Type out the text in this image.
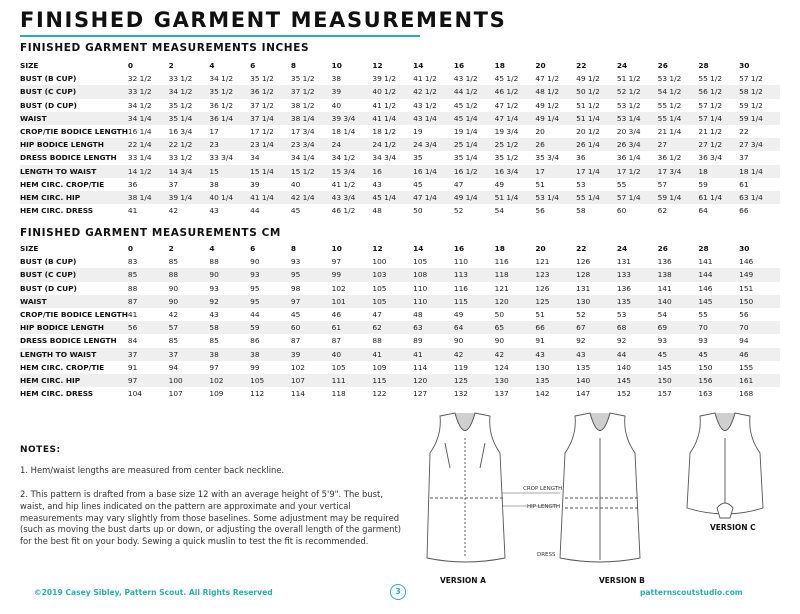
FINISHED GARMENT MEASUREMENTS
FINISHED GARMENT MEASUREMENTS INCHES
SIZE	0	2	4	6	8	10	12	14	16	18	20	22	24	26	28	30
BUST (B CUP)	32 1/2	33 1/2	34 1/2	35 1/2	35 1/2	38	39 1/2	41 1/2	43 1/2	45 1/2	47 1/2	49 1/2	51 1/2	53 1/2	55 1/2	57 1/2
BUST (C CUP)	33 1/2	34 1/2	35 1/2	36 1/2	37 1/2	39	40 1/2	42 1/2	44 1/2	46 1/2	48 1/2	50 1/2	52 1/2	54 1/2	56 1/2	58 1/2
BUST (D CUP)	34 1/2	35 1/2	36 1/2	37 1/2	38 1/2	40	41 1/2	43 1/2	45 1/2	47 1/2	49 1/2	51 1/2	53 1/2	55 1/2	57 1/2	59 1/2
WAIST	34 1/4	35 1/4	36 1/4	37 1/4	38 1/4	39 3/4	41 1/4	43 1/4	45 1/4	47 1/4	49 1/4	51 1/4	53 1/4	55 1/4	57 1/4	59 1/4
CROP/TIE BODICE LENGTH	16 1/4	16 3/4	17	17 1/2	17 3/4	18 1/4	18 1/2	19	19 1/4	19 3/4	20	20 1/2	20 3/4	21 1/4	21 1/2	22
HIP BODICE LENGTH	22 1/4	22 1/2	23	23 1/4	23 3/4	24	24 1/2	24 3/4	25 1/4	25 1/2	26	26 1/4	26 3/4	27	27 1/2	27 3/4
DRESS BODICE LENGTH	33 1/4	33 1/2	33 3/4	34	34 1/4	34 1/2	34 3/4	35	35 1/4	35 1/2	35 3/4	36	36 1/4	36 1/2	36 3/4	37
LENGTH TO WAIST	14 1/2	14 3/4	15	15 1/4	15 1/2	15 3/4	16	16 1/4	16 1/2	16 3/4	17	17 1/4	17 1/2	17 3/4	18	18 1/4
HEM CIRC. CROP/TIE	36	37	38	39	40	41 1/2	43	45	47	49	51	53	55	57	59	61
HEM CIRC. HIP	38 1/4	39 1/4	40 1/4	41 1/4	42 1/4	43 3/4	45 1/4	47 1/4	49 1/4	51 1/4	53 1/4	55 1/4	57 1/4	59 1/4	61 1/4	63 1/4
HEM CIRC. DRESS	41	42	43	44	45	46 1/2	48	50	52	54	56	58	60	62	64	66
FINISHED GARMENT MEASUREMENTS CM
SIZE	0	2	4	6	8	10	12	14	16	18	20	22	24	26	28	30
BUST (B CUP)	83	85	88	90	93	97	100	105	110	116	121	126	131	136	141	146
BUST (C CUP)	85	88	90	93	95	99	103	108	113	118	123	128	133	138	144	149
BUST (D CUP)	88	90	93	95	98	102	105	110	116	121	126	131	136	141	146	151
WAIST	87	90	92	95	97	101	105	110	115	120	125	130	135	140	145	150
CROP/TIE BODICE LENGTH	41	42	43	44	45	46	47	48	49	50	51	52	53	54	55	56
HIP BODICE LENGTH	56	57	58	59	60	61	62	63	64	65	66	67	68	69	70	70
DRESS BODICE LENGTH	84	85	85	86	87	87	88	89	90	90	91	92	92	93	93	94
LENGTH TO WAIST	37	37	38	38	39	40	41	41	42	42	43	43	44	45	45	46
HEM CIRC. CROP/TIE	91	94	97	99	102	105	109	114	119	124	130	135	140	145	150	155
HEM CIRC. HIP	97	100	102	105	107	111	115	120	125	130	135	140	145	150	156	161
HEM CIRC. DRESS	104	107	109	112	114	118	122	127	132	137	142	147	152	157	163	168
NOTES:

1. Hem/waist lengths are measured from center back neckline.

2. This pattern is drafted from a base size 12 with an average height of 5'9". The bust, waist, and hip lines indicated on the pattern are approximate and your vertical measurements may vary slightly from those baselines. Some adjustment may be required (such as moving the bust darts up or down, or adjusting the overall length of the garment) for the best fit on your body. Sewing a quick muslin to test the fit is recommended.

CROP LENGTH
HIP LENGTH
DRESS
VERSION A	VERSION B
VERSION C
©2019 Casey Sibley, Pattern Scout. All Rights Reserved	3	patternscoutstudio.com
